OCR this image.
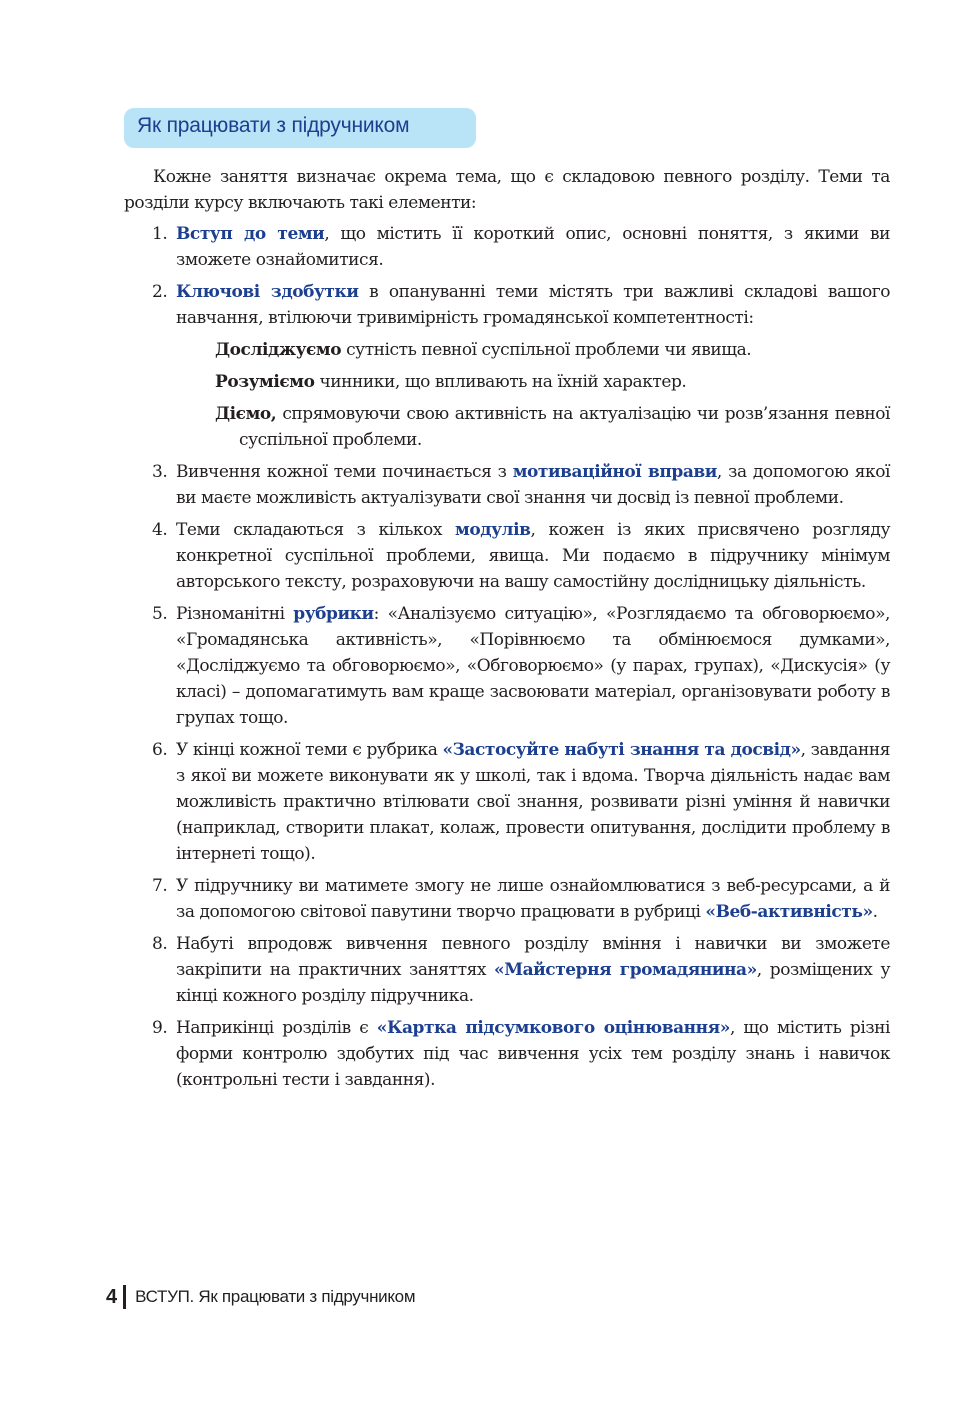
Як працювати з підручником

Кожне заняття визначає окрема тема, що є складовою певного розділу. Теми та розділи курсу включають такі елементи:

1. Вступ до теми, що містить її короткий опис, основні поняття, з якими ви зможете ознайомитися.
2. Ключові здобутки в опануванні теми містять три важливі складові вашого навчання, втілюючи тривимірність громадянської компетентності:
Досліджуємо сутність певної суспільної проблеми чи явища.
Розуміємо чинники, що впливають на їхній характер.
Діємо, спрямовуючи свою активність на актуалізацію чи розв’язання певної суспільної проблеми.
3. Вивчення кожної теми починається з мотиваційної вправи, за допомогою якої ви маєте можливість актуалізувати свої знання чи досвід із певної проблеми.
4. Теми складаються з кількох модулів, кожен із яких присвячено розгляду конкретної суспільної проблеми, явища. Ми подаємо в підручнику мінімум авторського тексту, розраховуючи на вашу самостійну дослідницьку діяльність.
5. Різноманітні рубрики: «Аналізуємо ситуацію», «Розглядаємо та обговорюємо», «Громадянська активність», «Порівнюємо та обмінюємося думками», «Досліджуємо та обговорюємо», «Обговорюємо» (у парах, групах), «Дискусія» (у класі) – допомагатимуть вам краще засвоювати матеріал, організовувати роботу в групах тощо.
6. У кінці кожної теми є рубрика «Застосуйте набуті знання та досвід», завдання з якої ви можете виконувати як у школі, так і вдома. Творча діяльність надає вам можливість практично втілювати свої знання, розвивати різні уміння й навички (наприклад, створити плакат, колаж, провести опитування, дослідити проблему в інтернеті тощо).
7. У підручнику ви матимете змогу не лише ознайомлюватися з веб-ресурсами, а й за допомогою світової павутини творчо працювати в рубриці «Веб-активність».
8. Набуті впродовж вивчення певного розділу вміння і навички ви зможете закріпити на практичних заняттях «Майстерня громадянина», розміщених у кінці кожного розділу підручника.
9. Наприкінці розділів є «Картка підсумкового оцінювання», що містить різні форми контролю здобутих під час вивчення усіх тем розділу знань і навичок (контрольні тести і завдання).
4 ВСТУП. Як працювати з підручником
